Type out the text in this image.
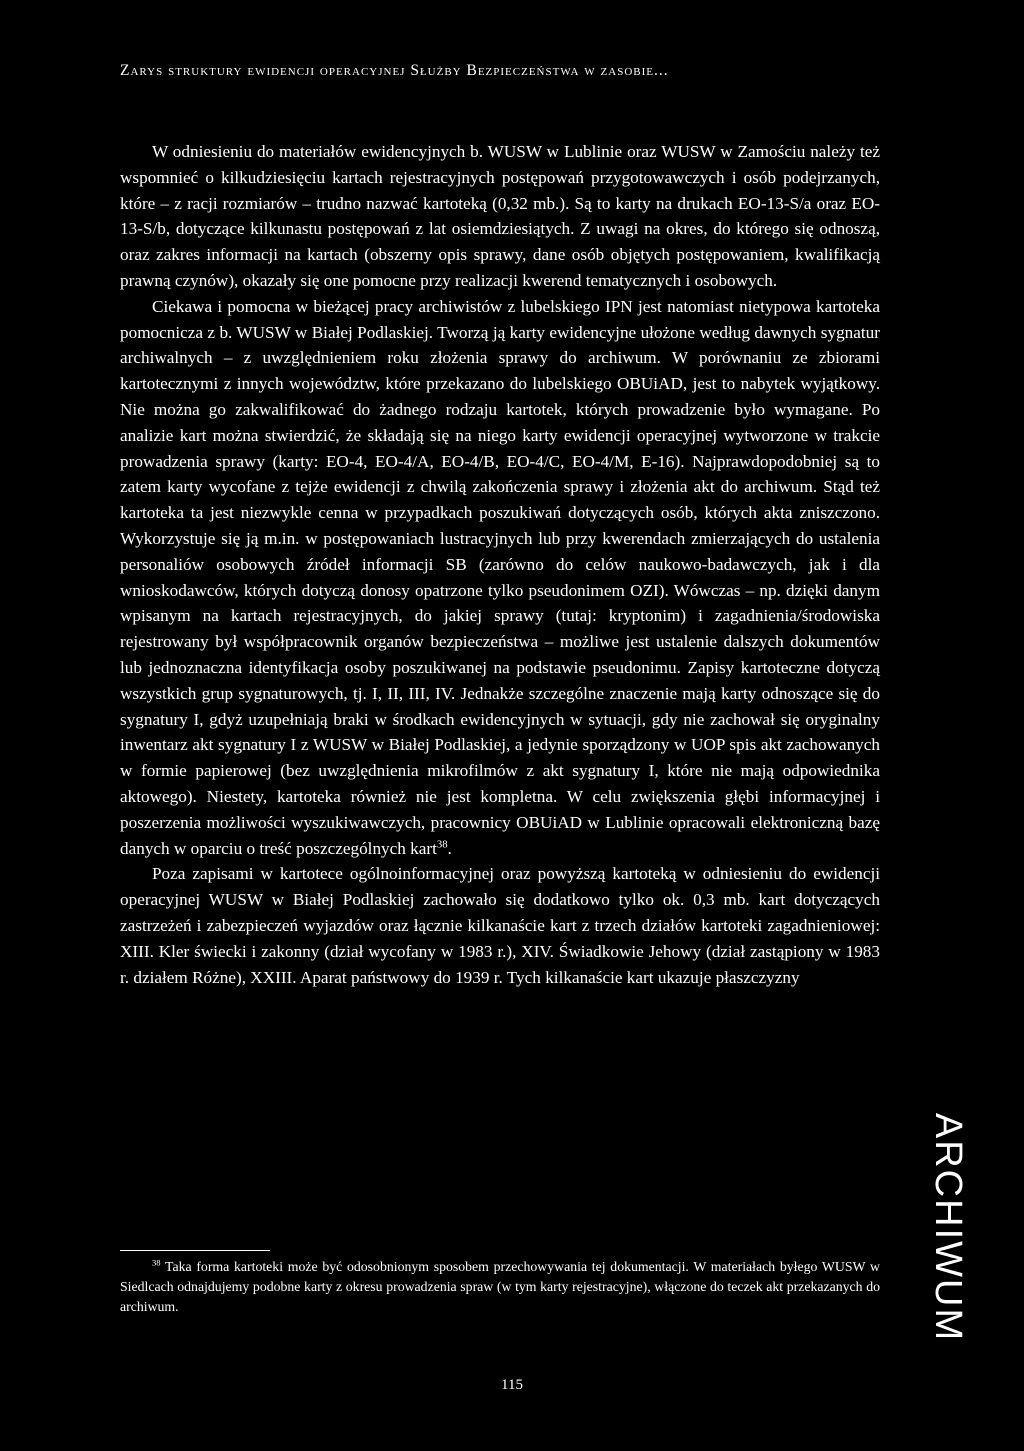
Zarys struktury ewidencji operacyjnej Służby Bezpieczeństwa w zasobie...

W odniesieniu do materiałów ewidencyjnych b. WUSW w Lublinie oraz WUSW w Zamościu należy też wspomnieć o kilkudziesięciu kartach rejestracyjnych postępowań przygotowawczych i osób podejrzanych, które – z racji rozmiarów – trudno nazwać kartoteką (0,32 mb.). Są to karty na drukach EO-13-S/a oraz EO-13-S/b, dotyczące kilkunastu postępowań z lat osiemdziesiątych. Z uwagi na okres, do którego się odnoszą, oraz zakres informacji na kartach (obszerny opis sprawy, dane osób objętych postępowaniem, kwalifikacją prawną czynów), okazały się one pomocne przy realizacji kwerend tematycznych i osobowych.

Ciekawa i pomocna w bieżącej pracy archiwistów z lubelskiego IPN jest natomiast nietypowa kartoteka pomocnicza z b. WUSW w Białej Podlaskiej. Tworzą ją karty ewidencyjne ułożone według dawnych sygnatur archiwalnych – z uwzględnieniem roku złożenia sprawy do archiwum. W porównaniu ze zbiorami kartotecznymi z innych województw, które przekazano do lubelskiego OBUiAD, jest to nabytek wyjątkowy. Nie można go zakwalifikować do żadnego rodzaju kartotek, których prowadzenie było wymagane. Po analizie kart można stwierdzić, że składają się na niego karty ewidencji operacyjnej wytworzone w trakcie prowadzenia sprawy (karty: EO-4, EO-4/A, EO-4/B, EO-4/C, EO-4/M, E-16). Najprawdopodobniej są to zatem karty wycofane z tejże ewidencji z chwilą zakończenia sprawy i złożenia akt do archiwum. Stąd też kartoteka ta jest niezwykle cenna w przypadkach poszukiwań dotyczących osób, których akta zniszczono. Wykorzystuje się ją m.in. w postępowaniach lustracyjnych lub przy kwerendach zmierzających do ustalenia personaliów osobowych źródeł informacji SB (zarówno do celów naukowo-badawczych, jak i dla wnioskodawców, których dotyczą donosy opatrzone tylko pseudonimem OZI). Wówczas – np. dzięki danym wpisanym na kartach rejestracyjnych, do jakiej sprawy (tutaj: kryptonim) i zagadnienia/środowiska rejestrowany był współpracownik organów bezpieczeństwa – możliwe jest ustalenie dalszych dokumentów lub jednoznaczna identyfikacja osoby poszukiwanej na podstawie pseudonimu. Zapisy kartoteczne dotyczą wszystkich grup sygnaturowych, tj. I, II, III, IV. Jednakże szczególne znaczenie mają karty odnoszące się do sygnatury I, gdyż uzupełniają braki w środkach ewidencyjnych w sytuacji, gdy nie zachował się oryginalny inwentarz akt sygnatury I z WUSW w Białej Podlaskiej, a jedynie sporządzony w UOP spis akt zachowanych w formie papierowej (bez uwzględnienia mikrofilmów z akt sygnatury I, które nie mają odpowiednika aktowego). Niestety, kartoteka również nie jest kompletna. W celu zwiększenia głębi informacyjnej i poszerzenia możliwości wyszukiwawczych, pracownicy OBUiAD w Lublinie opracowali elektroniczną bazę danych w oparciu o treść poszczególnych kart$^{38}$.

Poza zapisami w kartotece ogólnoinformacyjnej oraz powyższą kartoteką w odniesieniu do ewidencji operacyjnej WUSW w Białej Podlaskiej zachowało się dodatkowo tylko ok. 0,3 mb. kart dotyczących zastrzeżeń i zabezpieczeń wyjazdów oraz łącznie kilkanaście kart z trzech działów kartoteki zagadnieniowej: XIII. Kler świecki i zakonny (dział wycofany w 1983 r.), XIV. Świadkowie Jehowy (dział zastąpiony w 1983 r. działem Różne), XXIII. Aparat państwowy do 1939 r. Tych kilkanaście kart ukazuje płaszczyzny

$^{38}$ Taka forma kartoteki może być odosobnionym sposobem przechowywania tej dokumentacji. W materiałach byłego WUSW w Siedlcach odnajdujemy podobne karty z okresu prowadzenia spraw (w tym karty rejestracyjne), włączone do teczek akt przekazanych do archiwum.

115
ARCHIWUM
